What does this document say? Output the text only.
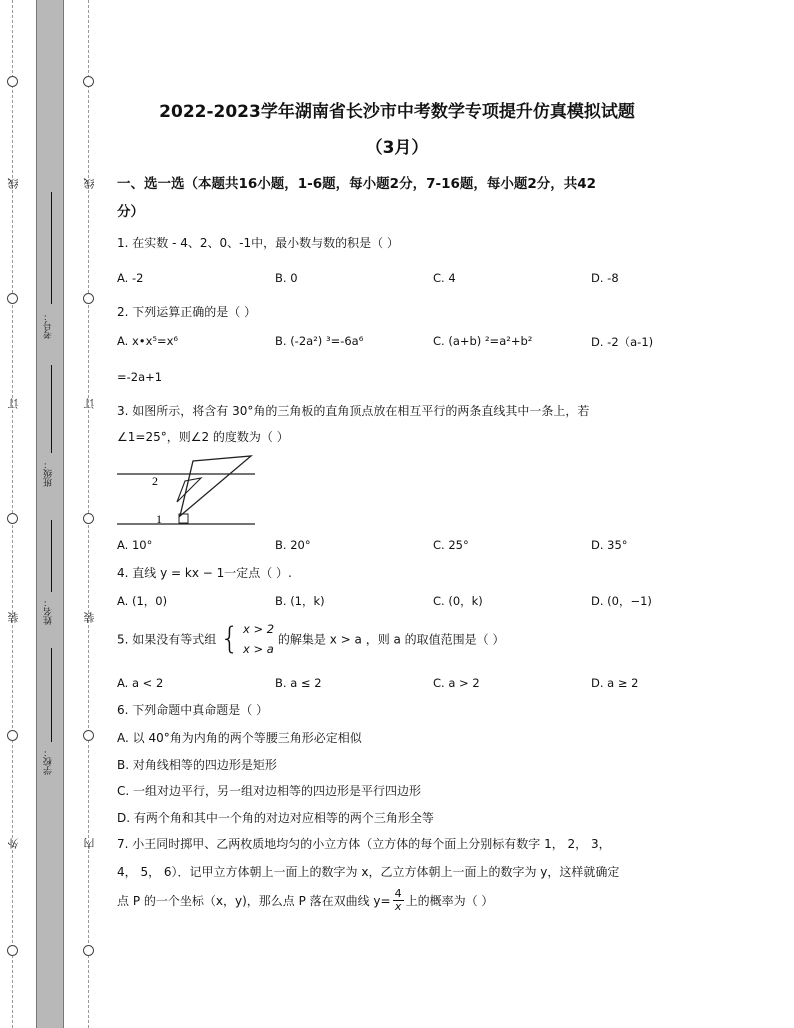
线
订
装
外
线
订
装
内
考号：
班级：
姓名：
学校：
2022-2023学年湖南省长沙市中考数学专项提升仿真模拟试题
（3月）
一、选一选（本题共16小题，1-6题，每小题2分，7-16题，每小题2分，共42
分）
1. 在实数 - 4、2、0、-1中，最小数与数的积是（ ）
A. -2	B. 0	C. 4	D. -8
2. 下列运算正确的是（ ）
A. x•x⁵=x⁶	B. (-2a²) ³=-6a⁶	C. (a+b) ²=a²+b²	D. -2（a-1)
=-2a+1
3. 如图所示，将含有 30°角的三角板的直角顶点放在相互平行的两条直线其中一条上，若
∠1=25°，则∠2 的度数为（ ）
2
1
A. 10°	B. 20°	C. 25°	D. 35°
4. 直线 y = kx − 1一定点（ ）.
A. (1，0)	B. (1，k)	C. (0，k)	D. (0，−1)
5. 如果没有等式组 { x > 2
x > a
的解集是 x > a ，则 a 的取值范围是（ ）
A. a < 2	B. a ≤ 2	C. a > 2	D. a ≥ 2
6. 下列命题中真命题是（ ）
A. 以 40°角为内角的两个等腰三角形必定相似
B. 对角线相等的四边形是矩形
C. 一组对边平行，另一组对边相等的四边形是平行四边形
D. 有两个角和其中一个角的对边对应相等的两个三角形全等
7. 小王同时掷甲、乙两枚质地均匀的小立方体（立方体的每个面上分别标有数字 1， 2， 3，
4， 5， 6）．记甲立方体朝上一面上的数字为 x，乙立方体朝上一面上的数字为 y，这样就确定
点 P 的一个坐标（x，y)，那么点 P 落在双曲线 $y= \frac{4}{x}$ 上的概率为（ ）
